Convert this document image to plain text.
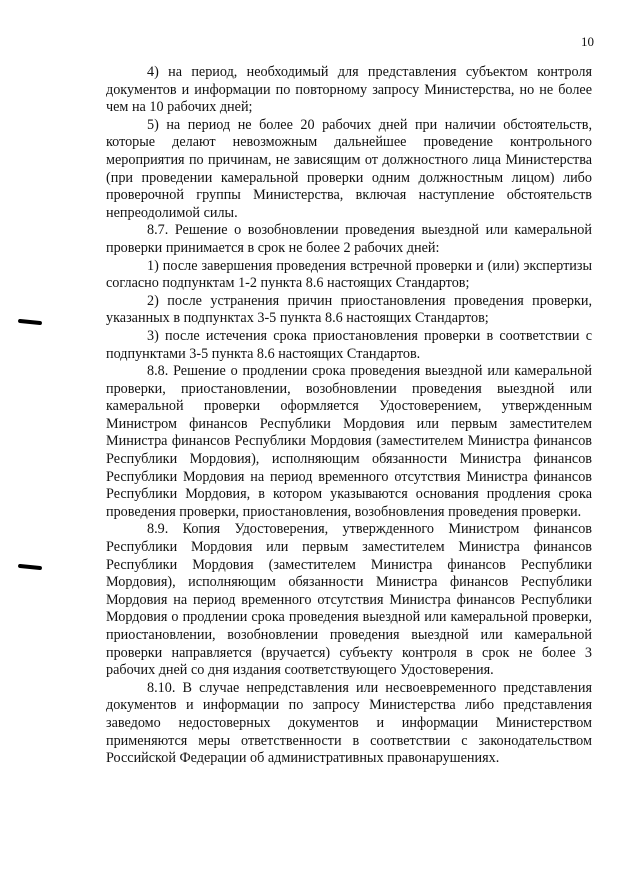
10

4) на период, необходимый для представления субъектом контроля документов и информации по повторному запросу Министерства, но не более чем на 10 рабочих дней;

5) на период не более 20 рабочих дней при наличии обстоятельств, которые делают невозможным дальнейшее проведение контрольного мероприятия по причинам, не зависящим от должностного лица Министерства (при проведении камеральной проверки одним должностным лицом) либо проверочной группы Министерства, включая наступление обстоятельств непреодолимой силы.

8.7. Решение о возобновлении проведения выездной или камеральной проверки принимается в срок не более 2 рабочих дней:

1) после завершения проведения встречной проверки и (или) экспертизы согласно подпунктам 1-2 пункта 8.6 настоящих Стандартов;

2) после устранения причин приостановления проведения проверки, указанных в подпунктах 3-5 пункта 8.6 настоящих Стандартов;

3) после истечения срока приостановления проверки в соответствии с подпунктами 3-5 пункта 8.6 настоящих Стандартов.

8.8. Решение о продлении срока проведения выездной или камеральной проверки, приостановлении, возобновлении проведения выездной или камеральной проверки оформляется Удостоверением, утвержденным Министром финансов Республики Мордовия или первым заместителем Министра финансов Республики Мордовия (заместителем Министра финансов Республики Мордовия), исполняющим обязанности Министра финансов Республики Мордовия на период временного отсутствия Министра финансов Республики Мордовия, в котором указываются основания продления срока проведения проверки, приостановления, возобновления проведения проверки.

8.9. Копия Удостоверения, утвержденного Министром финансов Республики Мордовия или первым заместителем Министра финансов Республики Мордовия (заместителем Министра финансов Республики Мордовия), исполняющим обязанности Министра финансов Республики Мордовия на период временного отсутствия Министра финансов Республики Мордовия о продлении срока проведения выездной или камеральной проверки, приостановлении, возобновлении проведения выездной или камеральной проверки направляется (вручается) субъекту контроля в срок не более 3 рабочих дней со дня издания соответствующего Удостоверения.

8.10. В случае непредставления или несвоевременного представления документов и информации по запросу Министерства либо представления заведомо недостоверных документов и информации Министерством применяются меры ответственности в соответствии с законодательством Российской Федерации об административных правонарушениях.
